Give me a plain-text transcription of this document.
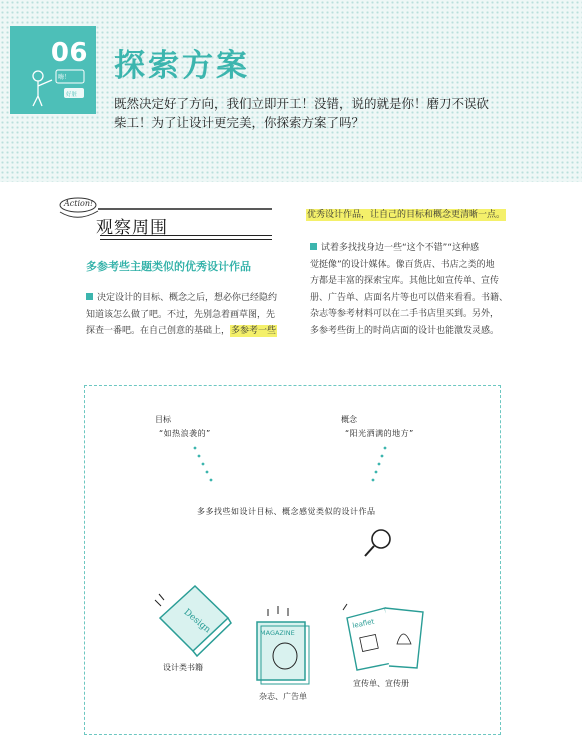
06
嗨！
好脏
探索方案
既然决定好了方向，我们立即开工！没错，说的就是你！磨刀不误砍
柴工！为了让设计更完美，你探索方案了吗？
Action!
观察周围
多参考些主题类似的优秀设计作品
决定设计的目标、概念之后，想必你已经隐约
知道该怎么做了吧。不过，先别急着画草图，先
探查一番吧。在自己创意的基础上，多参考一些
优秀设计作品，让自己的目标和概念更清晰一点。
试着多找找身边一些“这个不错”“这种感
觉挺像”的设计媒体。像百货店、书店之类的地
方都是丰富的探索宝库。其他比如宣传单、宣传
册、广告单、店面名片等也可以借来看看。书籍、
杂志等参考材料可以在二手书店里买到。另外，
多参考些街上的时尚店面的设计也能激发灵感。
Design	MAGAZINE
leaflet
目标
“如热浪袭的”
概念
“阳光洒满的地方”
多多找些如设计目标、概念感觉类似的设计作品
设计类书籍
杂志、广告单
宣传单、宣传册
